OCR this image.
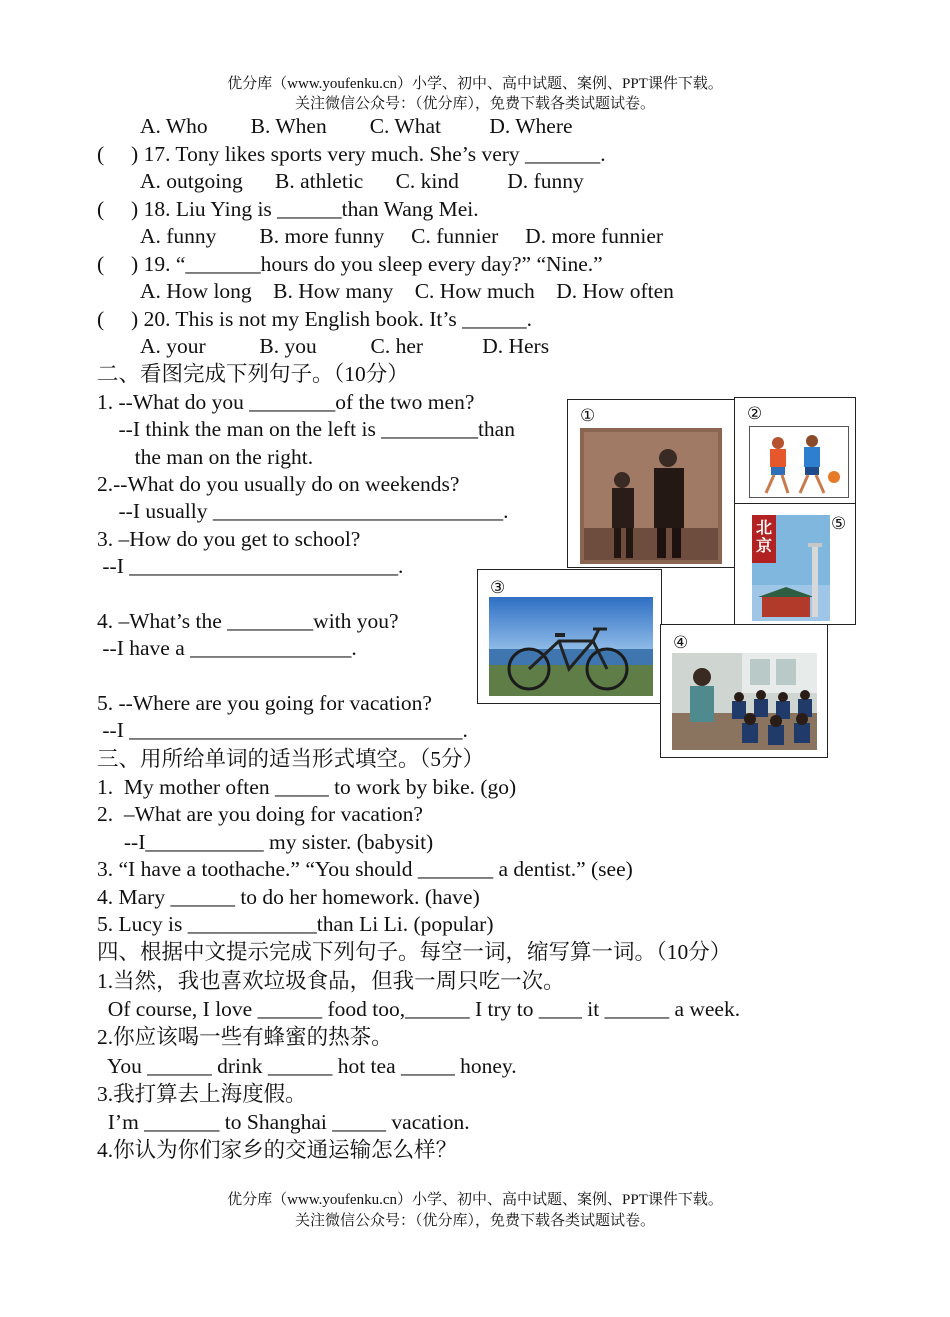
优分库（www.youfenku.cn）小学、初中、高中试题、案例、PPT课件下载。
关注微信公众号：（优分库），免费下载各类试题试卷。
A. Who        B. When        C. What         D. Where
(     ) 17. Tony likes sports very much. She’s very _______.
A. outgoing      B. athletic      C. kind         D. funny
(     ) 18. Liu Ying is ______than Wang Mei.
A. funny        B. more funny     C. funnier     D. more funnier
(     ) 19. “_______hours do you sleep every day?” “Nine.”
A. How long    B. How many    C. How much    D. How often
(     ) 20. This is not my English book. It’s ______.
A. your          B. you          C. her           D. Hers
二、看图完成下列句子。（10分）
1. --What do you ________of the two men?
--I think the man on the left is _________than
the man on the right.
2.--What do you usually do on weekends?
--I usually ___________________________.
3. –How do you get to school?
--I _________________________.
4. –What’s the ________with you?
--I have a _______________.
5. --Where are you going for vacation?
--I _______________________________.
三、用所给单词的适当形式填空。（5分）
1.  My mother often _____ to work by bike. (go)
2.  –What are you doing for vacation?
--I___________ my sister. (babysit)
3. “I have a toothache.” “You should _______ a dentist.” (see)
4. Mary ______ to do her homework. (have)
5. Lucy is ____________than Li Li. (popular)
四、根据中文提示完成下列句子。每空一词，缩写算一词。（10分）
1.当然，我也喜欢垃圾食品，但我一周只吃一次。
Of course, I love ______ food too,______ I try to ____ it ______ a week.
2.你应该喝一些有蜂蜜的热茶。
You ______ drink ______ hot tea _____ honey.
3.我打算去上海度假。
I’m _______ to Shanghai _____ vacation.
4.你认为你们家乡的交通运输怎么样？
①	②
⑤
北京
③
④
优分库（www.youfenku.cn）小学、初中、高中试题、案例、PPT课件下载。
关注微信公众号：（优分库），免费下载各类试题试卷。
